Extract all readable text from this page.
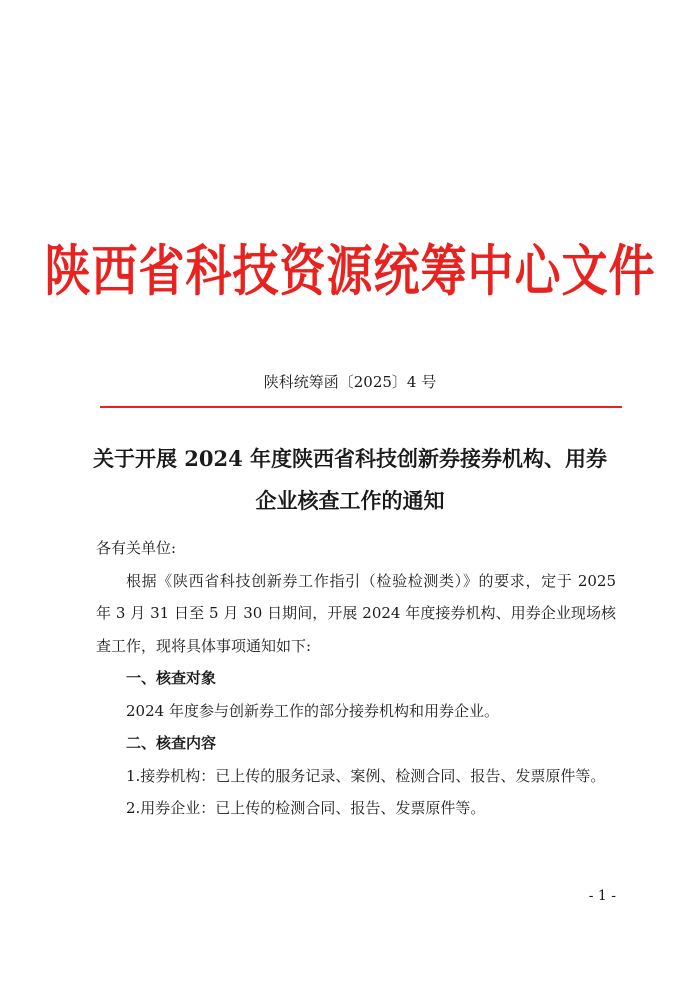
陕西省科技资源统筹中心文件
陕科统筹函〔2025〕4 号
关于开展 2024 年度陕西省科技创新券接券机构、用券企业核查工作的通知

各有关单位:

根据《陕西省科技创新券工作指引（检验检测类）》的要求，定于 2025 年 3 月 31 日至 5 月 30 日期间，开展 2024 年度接券机构、用券企业现场核查工作，现将具体事项通知如下:

一、核查对象

2024 年度参与创新券工作的部分接券机构和用券企业。

二、核查内容

1.接券机构：已上传的服务记录、案例、检测合同、报告、发票原件等。

2.用券企业：已上传的检测合同、报告、发票原件等。

- 1 -
